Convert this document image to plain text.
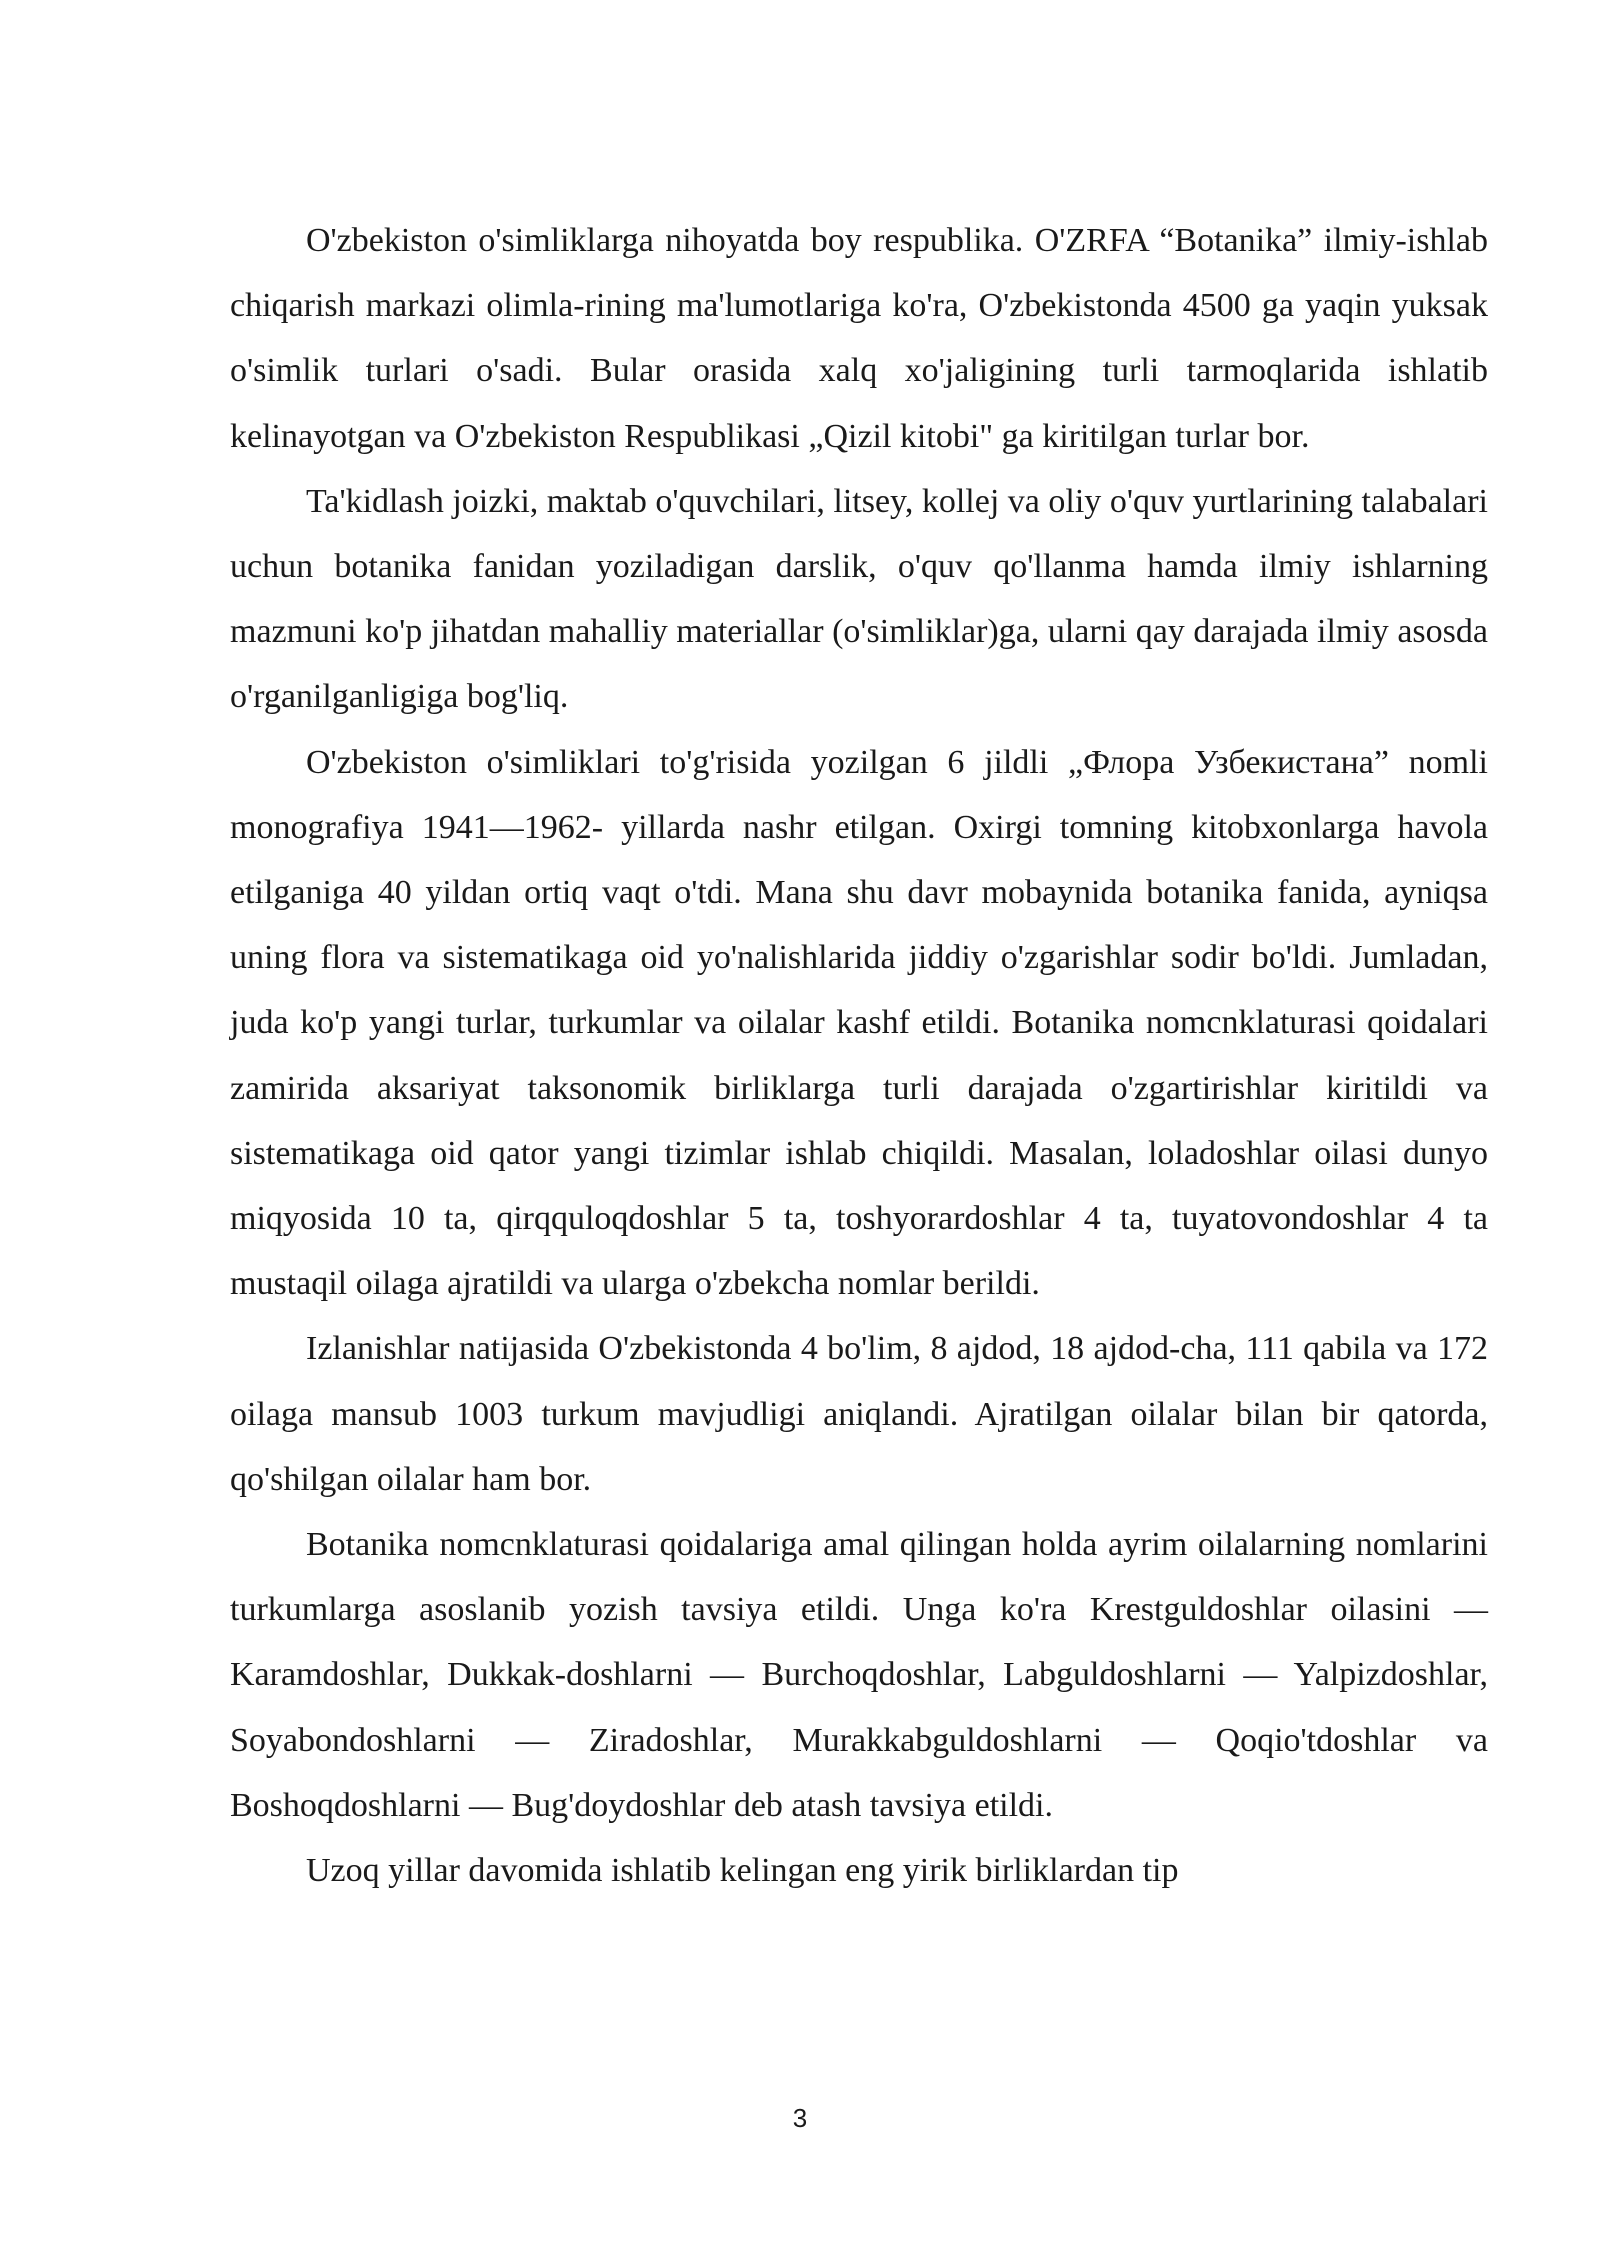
O'zbekiston o'simliklarga nihoyatda boy respublika. O'ZRFA “Botanika” ilmiy-ishlab chiqarish markazi olimla-rining ma'lumotlariga ko'ra, O'zbekistonda 4500 ga yaqin yuksak o'simlik turlari o'sadi. Bular orasida xalq xo'jaligining turli tarmoqlarida ishlatib kelinayotgan va O'zbekiston Respublikasi „Qizil kitobi" ga kiritilgan turlar bor.

Ta'kidlash joizki, maktab o'quvchilari, litsey, kollej va oliy o'quv yurtlarining talabalari uchun botanika fanidan yoziladigan darslik, o'quv qo'llanma hamda ilmiy ishlarning mazmuni ko'p jihatdan mahalliy materiallar (o'simliklar)ga, ularni qay darajada ilmiy asosda o'rganilganligiga bog'liq.

O'zbekiston o'simliklari to'g'risida yozilgan 6 jildli „Флора Узбекистана” nomli monografiya 1941—1962- yillarda nashr etilgan. Oxirgi tomning kitobxonlarga havola etilganiga 40 yildan ortiq vaqt o'tdi. Mana shu davr mobaynida botanika fanida, ayniqsa uning flora va sistematikaga oid yo'nalishlarida jiddiy o'zgarishlar sodir bo'ldi. Jumladan, juda ko'p yangi turlar, turkumlar va oilalar kashf etildi. Botanika nomcnklaturasi qoidalari zamirida aksariyat taksonomik birliklarga turli darajada o'zgartirishlar kiritildi va sistematikaga oid qator yangi tizimlar ishlab chiqildi. Masalan, loladoshlar oilasi dunyo miqyosida 10 ta, qirqquloqdoshlar 5 ta, toshyorardoshlar 4 ta, tuyatovondoshlar 4 ta mustaqil oilaga ajratildi va ularga o'zbekcha nomlar berildi.

Izlanishlar natijasida O'zbekistonda 4 bo'lim, 8 ajdod, 18 ajdod-cha, 111 qabila va 172 oilaga mansub 1003 turkum mavjudligi aniqlandi. Ajratilgan oilalar bilan bir qatorda, qo'shilgan oilalar ham bor.

Botanika nomcnklaturasi qoidalariga amal qilingan holda ayrim oilalarning nomlarini turkumlarga asoslanib yozish tavsiya etildi. Unga ko'ra Krestguldoshlar oilasini — Karamdoshlar, Dukkak-doshlarni — Burchoqdoshlar, Labguldoshlarni — Yalpizdoshlar, Soyabondoshlarni — Ziradoshlar, Murakkabguldoshlarni — Qoqio'tdoshlar va Boshoqdoshlarni — Bug'doydoshlar deb atash tavsiya etildi.

Uzoq yillar davomida ishlatib kelingan eng yirik birliklardan tip

3
